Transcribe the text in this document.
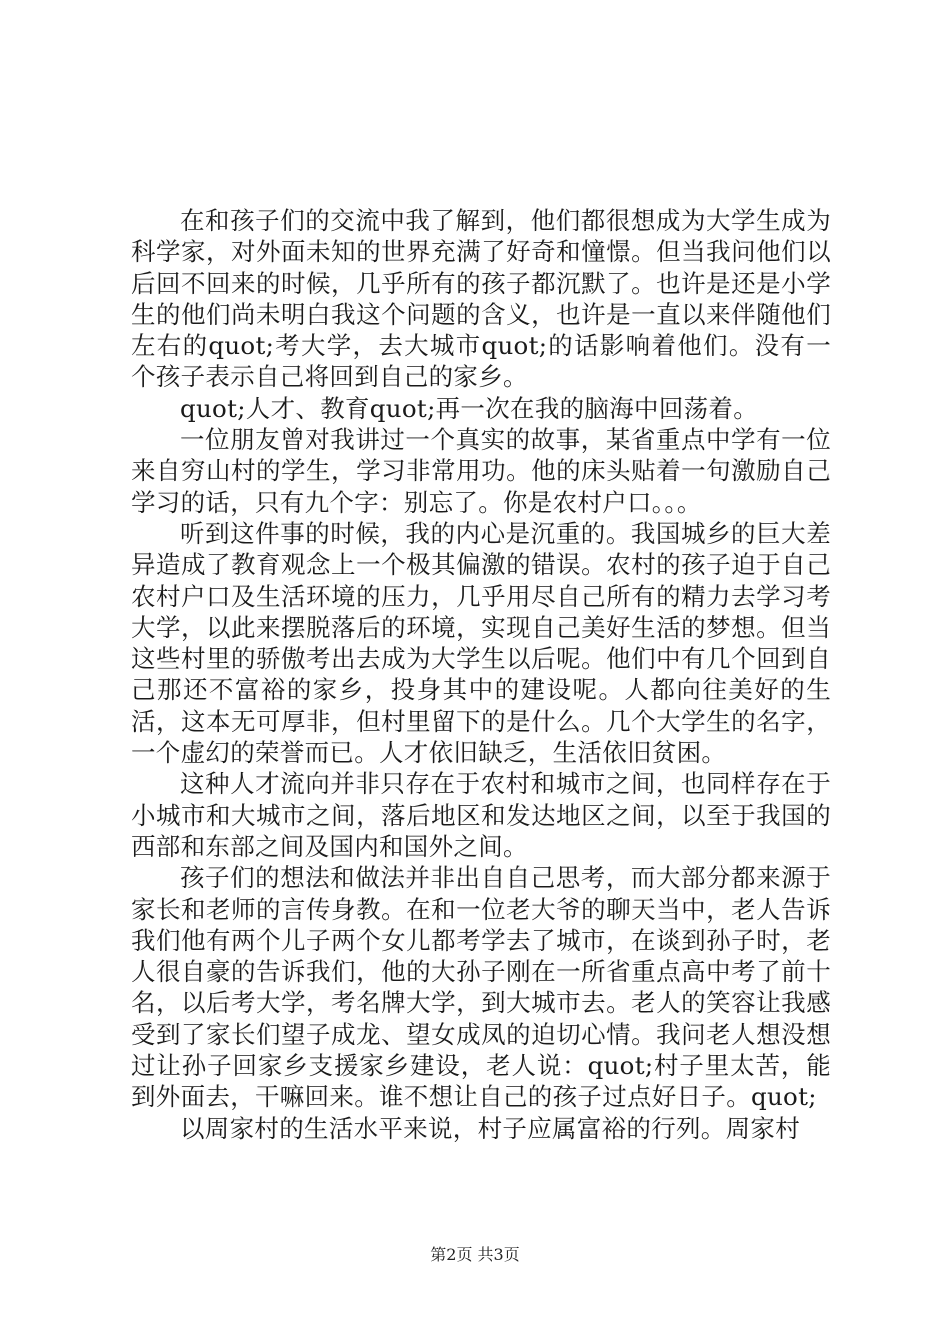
在和孩子们的交流中我了解到，他们都很想成为大学生成为科学家，对外面未知的世界充满了好奇和憧憬。但当我问他们以后回不回来的时候，几乎所有的孩子都沉默了。也许是还是小学生的他们尚未明白我这个问题的含义，也许是一直以来伴随他们左右的quot;考大学，去大城市quot;的话影响着他们。没有一个孩子表示自己将回到自己的家乡。

quot;人才、教育quot;再一次在我的脑海中回荡着。

一位朋友曾对我讲过一个真实的故事，某省重点中学有一位来自穷山村的学生，学习非常用功。他的床头贴着一句激励自己学习的话，只有九个字：别忘了。你是农村户口。。。

听到这件事的时候，我的内心是沉重的。我国城乡的巨大差异造成了教育观念上一个极其偏激的错误。农村的孩子迫于自己农村户口及生活环境的压力，几乎用尽自己所有的精力去学习考大学，以此来摆脱落后的环境，实现自己美好生活的梦想。但当这些村里的骄傲考出去成为大学生以后呢。他们中有几个回到自己那还不富裕的家乡，投身其中的建设呢。人都向往美好的生活，这本无可厚非，但村里留下的是什么。几个大学生的名字，一个虚幻的荣誉而已。人才依旧缺乏，生活依旧贫困。

这种人才流向并非只存在于农村和城市之间，也同样存在于小城市和大城市之间，落后地区和发达地区之间，以至于我国的西部和东部之间及国内和国外之间。

孩子们的想法和做法并非出自自己思考，而大部分都来源于家长和老师的言传身教。在和一位老大爷的聊天当中，老人告诉我们他有两个儿子两个女儿都考学去了城市，在谈到孙子时，老人很自豪的告诉我们，他的大孙子刚在一所省重点高中考了前十名，以后考大学，考名牌大学，到大城市去。老人的笑容让我感受到了家长们望子成龙、望女成凤的迫切心情。我问老人想没想过让孙子回家乡支援家乡建设，老人说：quot;村子里太苦，能到外面去，干嘛回来。谁不想让自己的孩子过点好日子。quot;

以周家村的生活水平来说，村子应属富裕的行列。周家村

第2页 共3页
